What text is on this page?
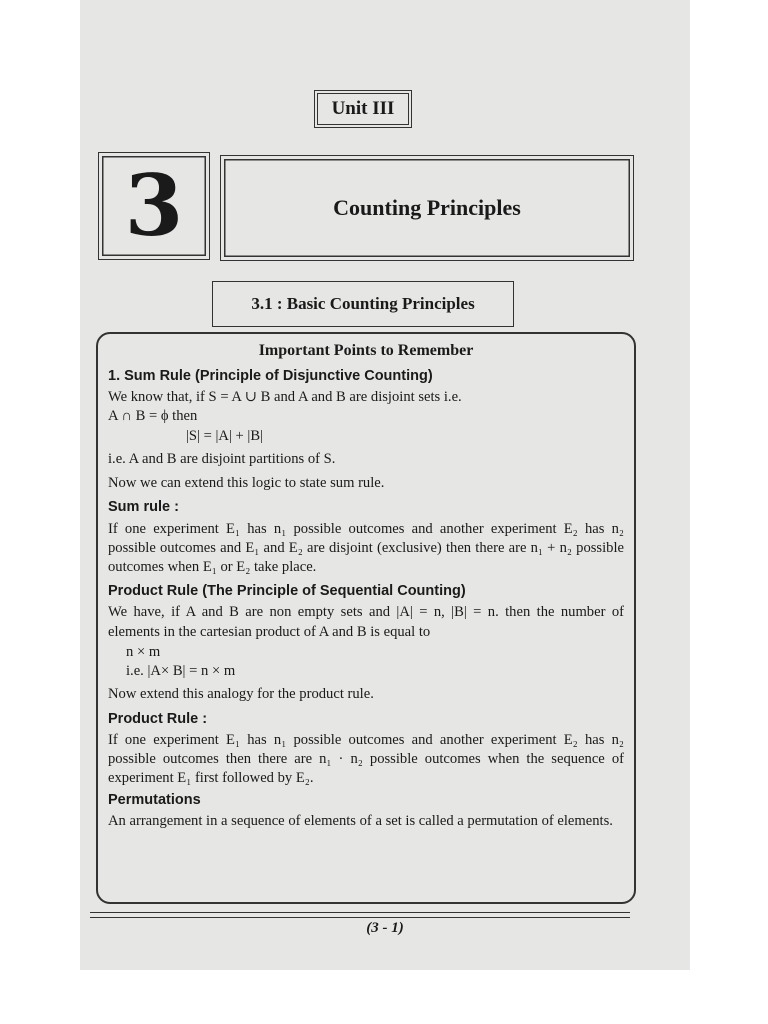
Unit III
3	Counting Principles
3.1 : Basic Counting Principles
Important Points to Remember
1. Sum Rule (Principle of Disjunctive Counting)
We know that, if S = A ∪ B and A and B are disjoint sets i.e.
A ∩ B = ϕ then
|S| = |A| + |B|

i.e. A and B are disjoint partitions of S.

Now we can extend this logic to state sum rule.

Sum rule :

If one experiment E₁ has n₁ possible outcomes and another experiment E₂ has n₂ possible outcomes and E₁ and E₂ are disjoint (exclusive) then there are n₁ + n₂ possible outcomes when E₁ or E₂ take place.

Product Rule (The Principle of Sequential Counting)

We have, if A and B are non empty sets and |A| = n, |B| = n. then the number of elements in the cartesian product of A and B is equal to

n × m
i.e. |A× B| = n × m

Now extend this analogy for the product rule.

Product Rule :

If one experiment E₁ has n₁ possible outcomes and another experiment E₂ has n₂ possible outcomes then there are n₁ · n₂ possible outcomes when the sequence of experiment E₁ first followed by E₂.

Permutations

An arrangement in a sequence of elements of a set is called a permutation of elements.

(3 - 1)
